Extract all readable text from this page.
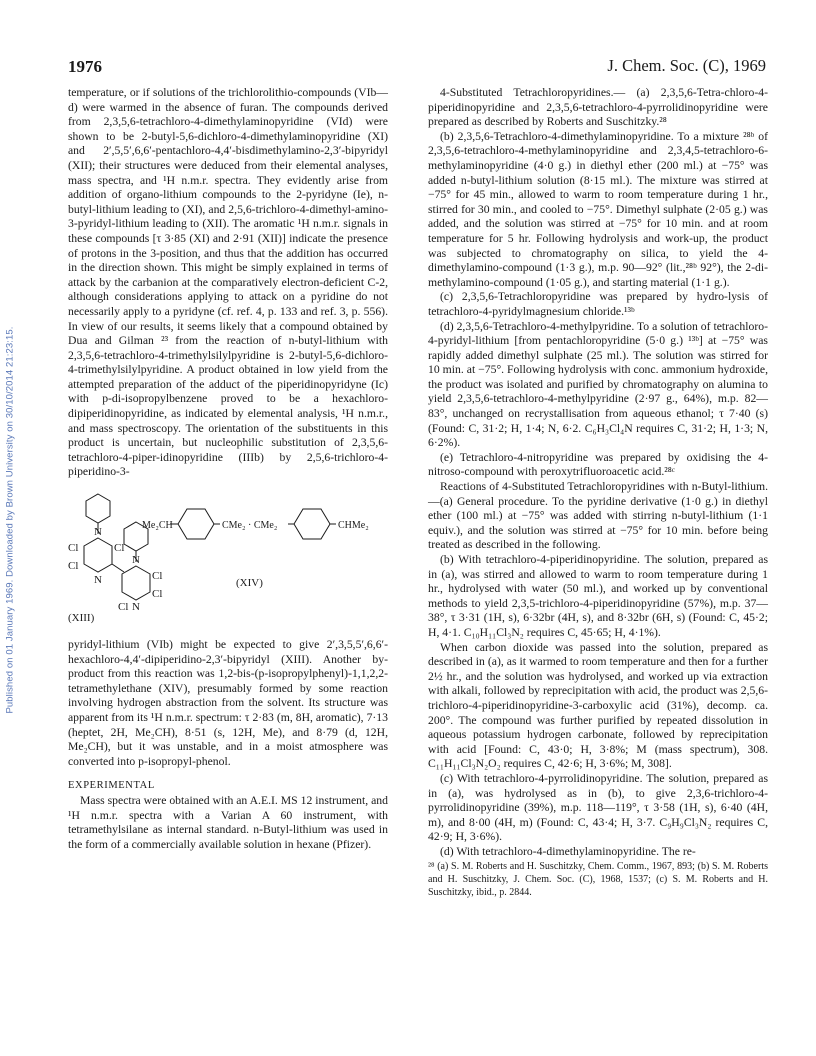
Published on 01 January 1969. Downloaded by Brown University on 30/10/2014 21:23:15.
1976	J. Chem. Soc. (C), 1969

temperature, or if solutions of the trichlorolithio-compounds (VIb—d) were warmed in the absence of furan. The compounds derived from 2,3,5,6-tetrachloro-4-dimethylaminopyridine (VId) were shown to be 2-butyl-5,6-dichloro-4-dimethylaminopyridine (XI) and 2′,5,5′,6,6′-pentachloro-4,4′-bisdimethylamino-2,3′-bipyridyl (XII); their structures were deduced from their elemental analyses, mass spectra, and ¹H n.m.r. spectra. They evidently arise from addition of organo-lithium compounds to the 2-pyridyne (Ie), n-butyl-lithium leading to (XI), and 2,5,6-trichloro-4-dimethyl-amino-3-pyridyl-lithium leading to (XII). The aromatic ¹H n.m.r. signals in these compounds [τ 3·85 (XI) and 2·91 (XII)] indicate the presence of protons in the 3-position, and thus that the addition has occurred in the direction shown. This might be simply explained in terms of attack by the carbanion at the comparatively electron-deficient C-2, although considerations applying to attack on a pyridine do not necessarily apply to a pyridyne (cf. ref. 4, p. 133 and ref. 3, p. 556). In view of our results, it seems likely that a compound obtained by Dua and Gilman ²³ from the reaction of n-butyl-lithium with 2,3,5,6-tetrachloro-4-trimethylsilylpyridine is 2-butyl-5,6-dichloro-4-trimethylsilylpyridine. A product obtained in low yield from the attempted preparation of the adduct of the piperidinopyridyne (Ic) with p-di-isopropylbenzene proved to be a hexachloro-dipiperidinopyridine, as indicated by elemental analysis, ¹H n.m.r., and mass spectroscopy. The orientation of the substituents in this product is uncertain, but nucleophilic substitution of 2,3,5,6-tetrachloro-4-piper-idinopyridine (IIIb) by 2,5,6-trichloro-4-piperidino-3-

N
N
Cl	Cl
Cl
N	Cl
Cl
Cl N
(XIII)
Me₂CH	CMe₂ · CMe₂	CHMe₂
(XIV)

pyridyl-lithium (VIb) might be expected to give 2′,3,5,5′,6,6′-hexachloro-4,4′-dipiperidino-2,3′-bipyridyl (XIII). Another by-product from this reaction was 1,2-bis-(p-isopropylphenyl)-1,1,2,2-tetramethylethane (XIV), presumably formed by some reaction involving hydrogen abstraction from the solvent. Its structure was apparent from its ¹H n.m.r. spectrum: τ 2·83 (m, 8H, aromatic), 7·13 (heptet, 2H, Me₂CH), 8·51 (s, 12H, Me), and 8·79 (d, 12H, Me₂CH), but it was unstable, and in a moist atmosphere was converted into p-isopropyl-phenol.

EXPERIMENTAL

Mass spectra were obtained with an A.E.I. MS 12 instrument, and ¹H n.m.r. spectra with a Varian A 60 instrument, with tetramethylsilane as internal standard. n-Butyl-lithium was used in the form of a commercially available solution in hexane (Pfizer).

4-Substituted Tetrachloropyridines.— (a) 2,3,5,6-Tetra-chloro-4-piperidinopyridine and 2,3,5,6-tetrachloro-4-pyrrolidinopyridine were prepared as described by Roberts and Suschitzky.²⁸

(b) 2,3,5,6-Tetrachloro-4-dimethylaminopyridine. To a mixture ²⁸ᵇ of 2,3,5,6-tetrachloro-4-methylaminopyridine and 2,3,4,5-tetrachloro-6-methylaminopyridine (4·0 g.) in diethyl ether (200 ml.) at −75° was added n-butyl-lithium solution (8·15 ml.). The mixture was stirred at −75° for 45 min., allowed to warm to room temperature during 1 hr., stirred for 30 min., and cooled to −75°. Dimethyl sulphate (2·05 g.) was added, and the solution was stirred at −75° for 10 min. and at room temperature for 5 hr. Following hydrolysis and work-up, the product was subjected to chromatography on silica, to yield the 4-dimethylamino-compound (1·3 g.), m.p. 90—92° (lit.,²⁸ᵇ 92°), the 2-di-methylamino-compound (1·05 g.), and starting material (1·1 g.).

(c) 2,3,5,6-Tetrachloropyridine was prepared by hydro-lysis of tetrachloro-4-pyridylmagnesium chloride.¹³ᵇ

(d) 2,3,5,6-Tetrachloro-4-methylpyridine. To a solution of tetrachloro-4-pyridyl-lithium [from pentachloropyridine (5·0 g.) ¹³ᵇ] at −75° was rapidly added dimethyl sulphate (25 ml.). The solution was stirred for 10 min. at −75°. Following hydrolysis with conc. ammonium hydroxide, the product was isolated and purified by chromatography on alumina to yield 2,3,5,6-tetrachloro-4-methylpyridine (2·97 g., 64%), m.p. 82—83°, unchanged on recrystallisation from aqueous ethanol; τ 7·40 (s) (Found: C, 31·2; H, 1·4; N, 6·2. C₆H₃Cl₄N requires C, 31·2; H, 1·3; N, 6·2%).

(e) Tetrachloro-4-nitropyridine was prepared by oxidising the 4-nitroso-compound with peroxytrifluoroacetic acid.²⁸ᶜ

Reactions of 4-Substituted Tetrachloropyridines with n-Butyl-lithium.—(a) General procedure. To the pyridine derivative (1·0 g.) in diethyl ether (100 ml.) at −75° was added with stirring n-butyl-lithium (1·1 equiv.), and the solution was stirred at −75° for 10 min. before being treated as described in the following.

(b) With tetrachloro-4-piperidinopyridine. The solution, prepared as in (a), was stirred and allowed to warm to room temperature during 1 hr., hydrolysed with water (50 ml.), and worked up by conventional methods to yield 2,3,5-trichloro-4-piperidinopyridine (57%), m.p. 37—38°, τ 3·31 (1H, s), 6·32br (4H, s), and 8·32br (6H, s) (Found: C, 45·2; H, 4·1. C₁₀H₁₁Cl₃N₂ requires C, 45·65; H, 4·1%).

When carbon dioxide was passed into the solution, prepared as described in (a), as it warmed to room temperature and then for a further 2½ hr., and the solution was hydrolysed, and worked up via extraction with alkali, followed by reprecipitation with acid, the product was 2,5,6-trichloro-4-piperidinopyridine-3-carboxylic acid (31%), decomp. ca. 200°. The compound was further purified by repeated dissolution in aqueous potassium hydrogen carbonate, followed by reprecipitation with acid [Found: C, 43·0; H, 3·8%; M (mass spectrum), 308. C₁₁H₁₁Cl₃N₂O₂ requires C, 42·6; H, 3·6%; M, 308].

(c) With tetrachloro-4-pyrrolidinopyridine. The solution, prepared as in (a), was hydrolysed as in (b), to give 2,3,6-trichloro-4-pyrrolidinopyridine (39%), m.p. 118—119°, τ 3·58 (1H, s), 6·40 (4H, m), and 8·00 (4H, m) (Found: C, 43·4; H, 3·7. C₉H₉Cl₃N₂ requires C, 42·9; H, 3·6%).

(d) With tetrachloro-4-dimethylaminopyridine. The re-

²⁸ (a) S. M. Roberts and H. Suschitzky, Chem. Comm., 1967, 893; (b) S. M. Roberts and H. Suschitzky, J. Chem. Soc. (C), 1968, 1537; (c) S. M. Roberts and H. Suschitzky, ibid., p. 2844.
